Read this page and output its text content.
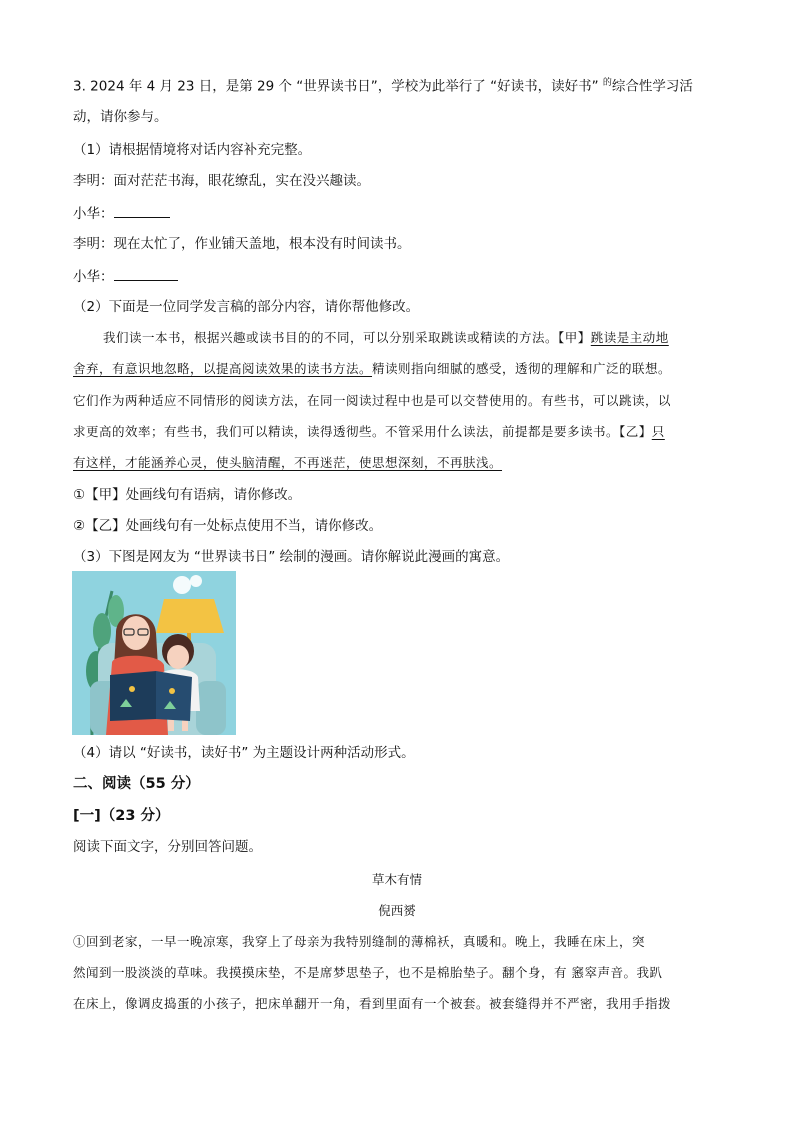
3. 2024 年 4 月 23 日，是第 29 个 “世界读书日”，学校为此举行了 “好读书，读好书” $^的$综合性学习活
动，请你参与。
（1）请根据情境将对话内容补充完整。
李明：面对茫茫书海，眼花缭乱，实在没兴趣读。
小华：
李明：现在太忙了，作业铺天盖地，根本没有时间读书。
小华：
（2）下面是一位同学发言稿的部分内容，请你帮他修改。
我们读一本书，根据兴趣或读书目的的不同，可以分别采取跳读或精读的方法。【甲】跳读是主动地
舍弃，有意识地忽略，以提高阅读效果的读书方法。精读则指向细腻的感受，透彻的理解和广泛的联想。
它们作为两种适应不同情形的阅读方法，在同一阅读过程中也是可以交替使用的。有些书，可以跳读，以
求更高的效率；有些书，我们可以精读，读得透彻些。不管采用什么读法，前提都是要多读书。【乙】只
有这样，才能涵养心灵，使头脑清醒，不再迷茫，使思想深刻，不再肤浅。
①【甲】处画线句有语病，请你修改。
②【乙】处画线句有一处标点使用不当，请你修改。
（3）下图是网友为 “世界读书日” 绘制的漫画。请你解说此漫画的寓意。
（4）请以 “好读书，读好书” 为主题设计两种活动形式。
二、阅读（55 分）
[一]（23 分）
阅读下面文字，分别回答问题。
草木有情
倪西赟
①回到老家，一早一晚凉寒，我穿上了母亲为我特别缝制的薄棉袄，真暖和。晚上，我睡在床上，突
然闻到一股淡淡的草味。我摸摸床垫，不是席梦思垫子，也不是棉胎垫子。翻个身，有 窸窣声音。我趴
在床上，像调皮捣蛋的小孩子，把床单翻开一角，看到里面有一个被套。被套缝得并不严密，我用手指拨
